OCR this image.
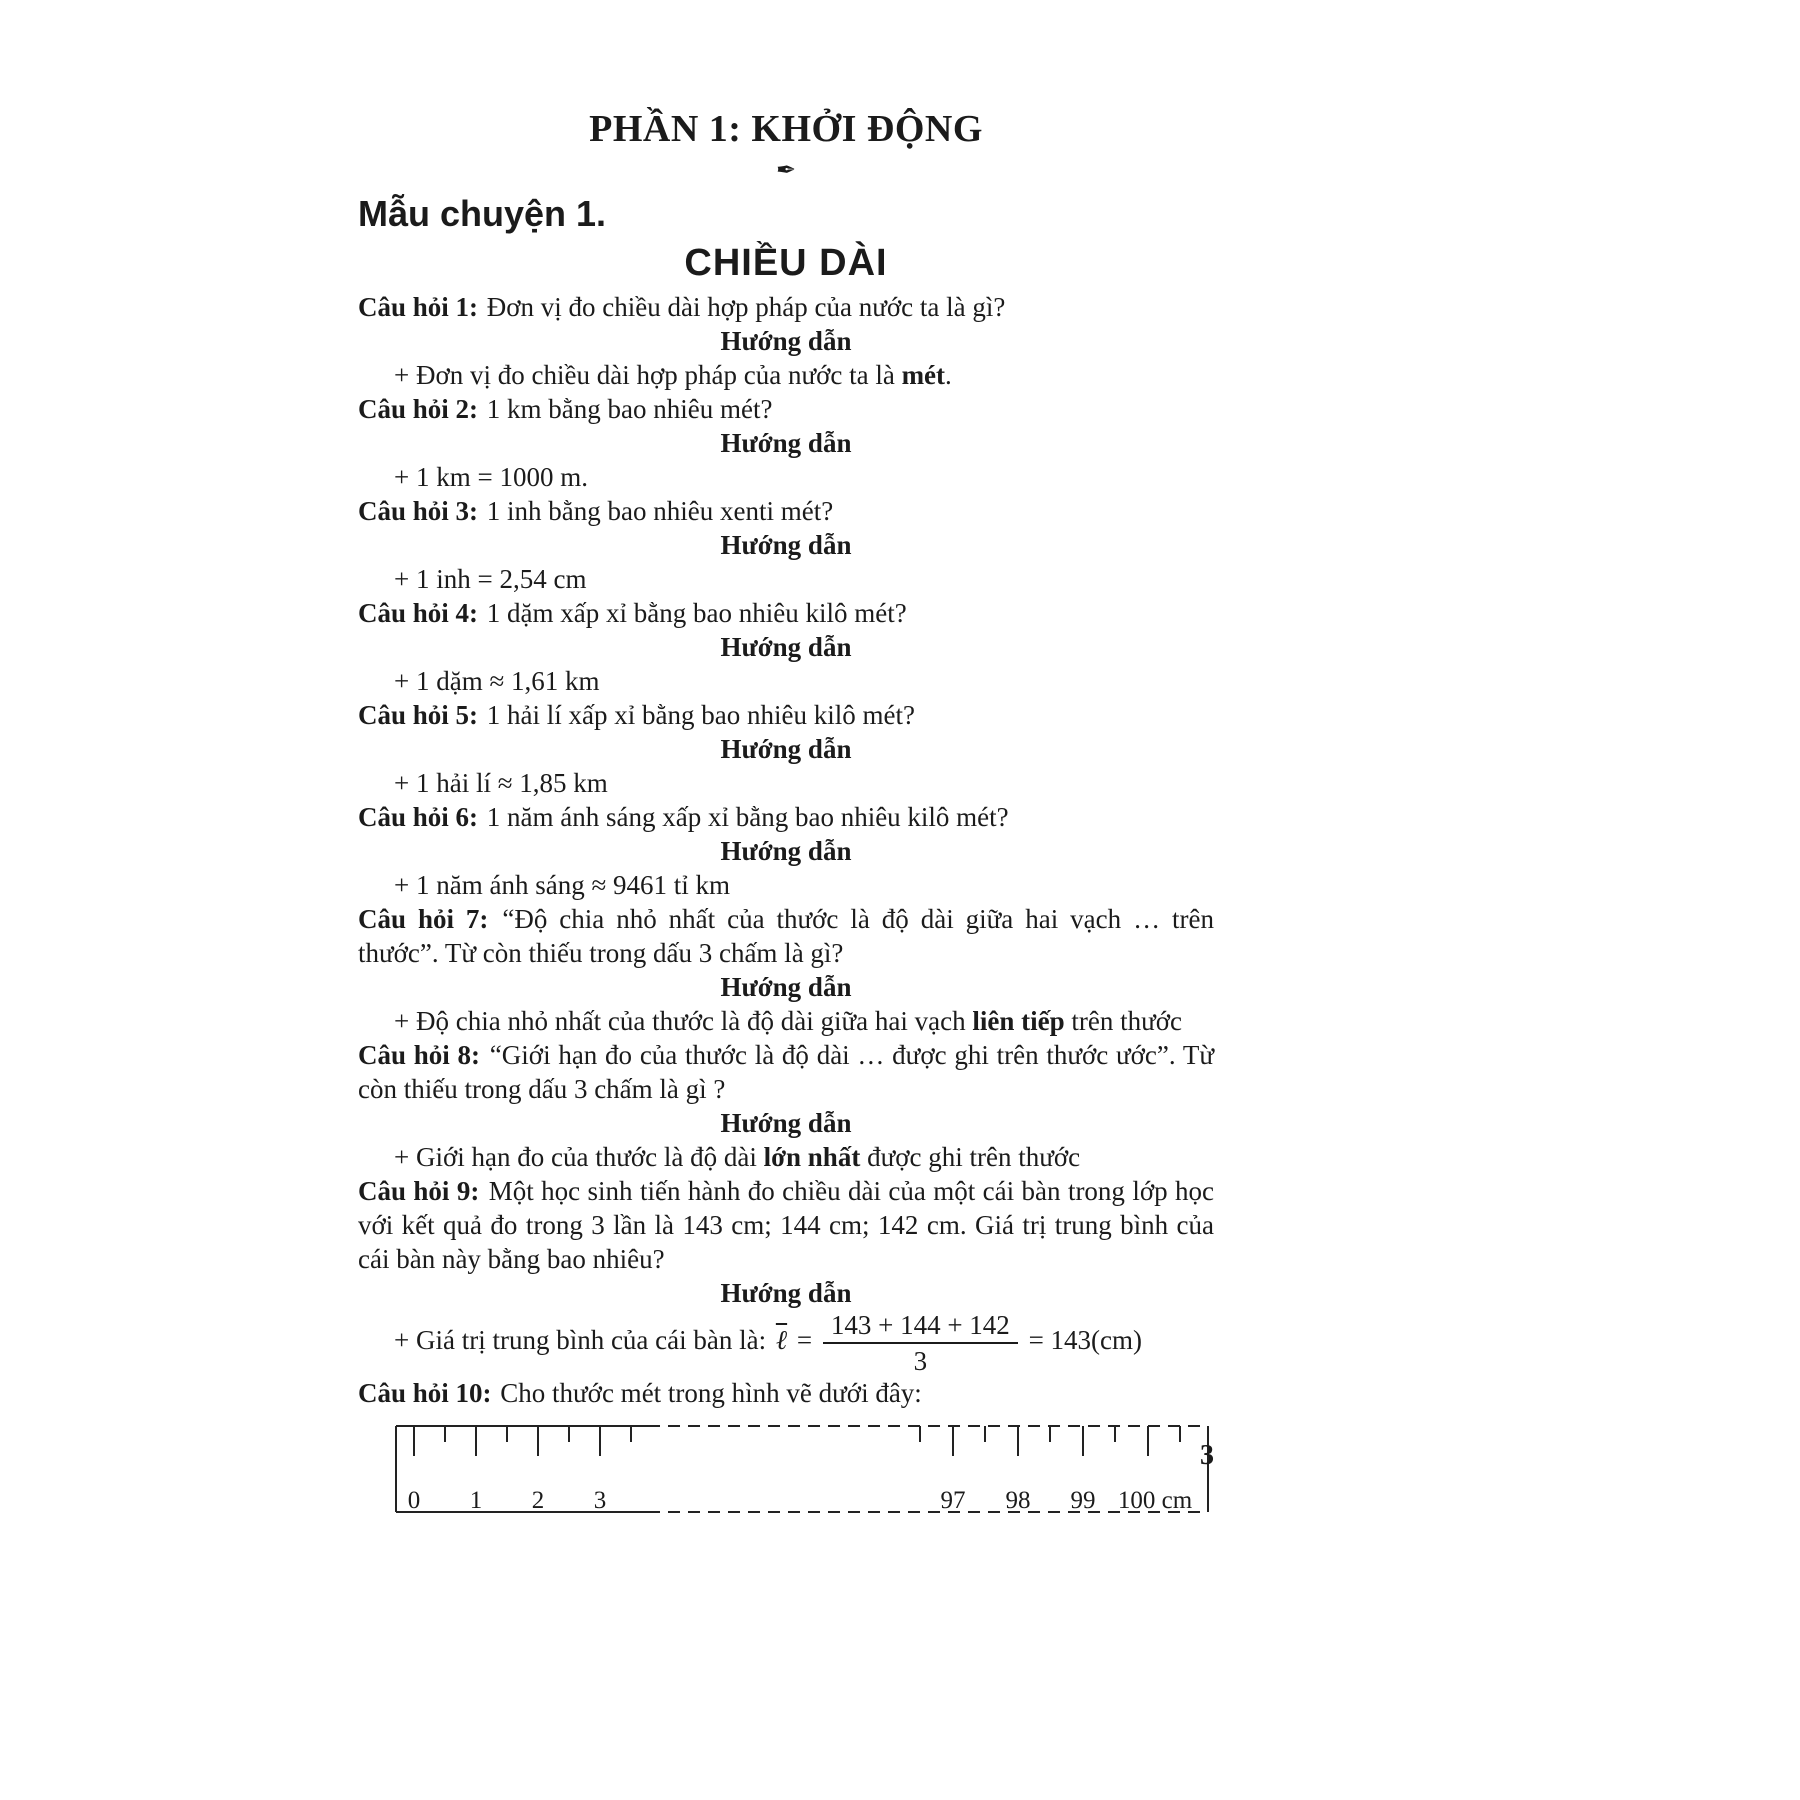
PHẦN 1: KHỞI ĐỘNG
✒
Mẫu chuyện 1.
CHIỀU DÀI

Câu hỏi 1: Đơn vị đo chiều dài hợp pháp của nước ta là gì?

Hướng dẫn

+ Đơn vị đo chiều dài hợp pháp của nước ta là mét.

Câu hỏi 2: 1 km bằng bao nhiêu mét?

Hướng dẫn

+ 1 km = 1000 m.

Câu hỏi 3: 1 inh bằng bao nhiêu xenti mét?

Hướng dẫn

+ 1 inh = 2,54 cm

Câu hỏi 4: 1 dặm xấp xỉ bằng bao nhiêu kilô mét?

Hướng dẫn

+ 1 dặm ≈ 1,61 km

Câu hỏi 5: 1 hải lí xấp xỉ bằng bao nhiêu kilô mét?

Hướng dẫn

+ 1 hải lí ≈ 1,85 km

Câu hỏi 6: 1 năm ánh sáng xấp xỉ bằng bao nhiêu kilô mét?

Hướng dẫn

+ 1 năm ánh sáng ≈ 9461 tỉ km

Câu hỏi 7: “Độ chia nhỏ nhất của thước là độ dài giữa hai vạch … trên thước”. Từ còn thiếu trong dấu 3 chấm là gì?

Hướng dẫn

+ Độ chia nhỏ nhất của thước là độ dài giữa hai vạch liên tiếp trên thước

Câu hỏi 8: “Giới hạn đo của thước là độ dài … được ghi trên thước ước”. Từ còn thiếu trong dấu 3 chấm là gì ?

Hướng dẫn

+ Giới hạn đo của thước là độ dài lớn nhất được ghi trên thước

Câu hỏi 9: Một học sinh tiến hành đo chiều dài của một cái bàn trong lớp học với kết quả đo trong 3 lần là 143 cm; 144 cm; 142 cm. Giá trị trung bình của cái bàn này bằng bao nhiêu?

Hướng dẫn

+ Giá trị trung bình của cái bàn là: ℓ = $\frac{143 + 144 + 142}{3} = 143(cm)$

Câu hỏi 10: Cho thước mét trong hình vẽ dưới đây:

0 1 2 3	97 98 99 100 cm
3
